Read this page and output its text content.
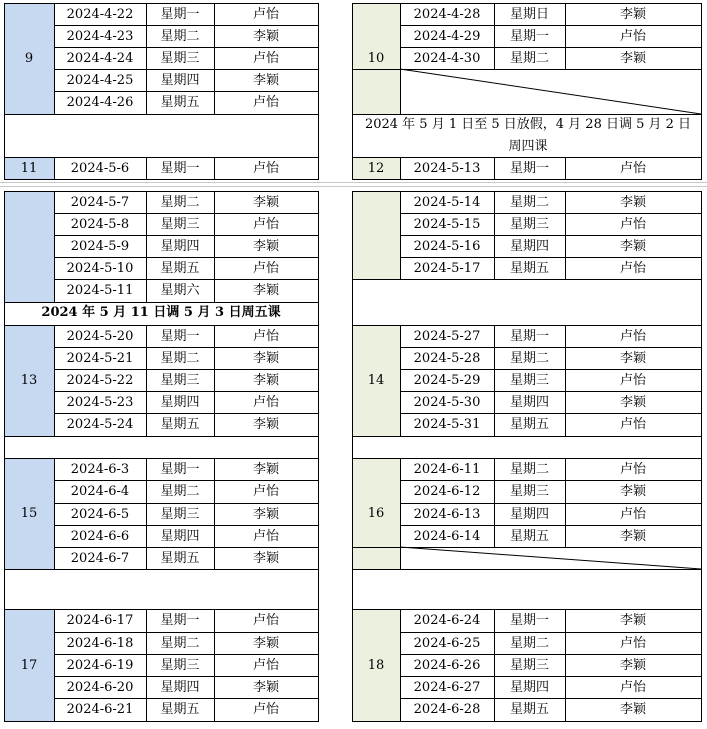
9
2024-4-22	星期一	卢怡
2024-4-23	星期二	李颖
2024-4-24	星期三	卢怡
2024-4-25	星期四	李颖
2024-4-26	星期五	卢怡
11	2024-5-6	星期一	卢怡
2024-5-7	星期二	李颖
2024-5-8	星期三	卢怡
2024-5-9	星期四	李颖
2024-5-10	星期五	卢怡
2024-5-11	星期六	李颖
13
2024-5-20	星期一	卢怡
2024-5-21	星期二	李颖
2024-5-22	星期三	李颖
2024-5-23	星期四	卢怡
2024-5-24	星期五	李颖
15
2024-6-3	星期一	李颖
2024-6-4	星期二	卢怡
2024-6-5	星期三	李颖
2024-6-6	星期四	卢怡
2024-6-7	星期五	李颖
17
2024-6-17	星期一	卢怡
2024-6-18	星期二	李颖
2024-6-19	星期三	卢怡
2024-6-20	星期四	李颖
2024-6-21	星期五	卢怡
10
2024-4-28	星期日	李颖
2024-4-29	星期一	卢怡
2024-4-30	星期二	李颖
12	2024-5-13	星期一	卢怡
2024-5-14	星期二	李颖
2024-5-15	星期三	卢怡
2024-5-16	星期四	李颖
2024-5-17	星期五	卢怡
14
2024-5-27	星期一	卢怡
2024-5-28	星期二	李颖
2024-5-29	星期三	卢怡
2024-5-30	星期四	李颖
2024-5-31	星期五	卢怡
16
2024-6-11	星期二	卢怡
2024-6-12	星期三	李颖
2024-6-13	星期四	卢怡
2024-6-14	星期五	李颖
18
2024-6-24	星期一	李颖
2024-6-25	星期二	卢怡
2024-6-26	星期三	李颖
2024-6-27	星期四	卢怡
2024-6-28	星期五	李颖
2024 年 5 月 1 日至 5 日放假，4 月 28 日调 5 月 2 日
周四课
2024 年 5 月 11 日调 5 月 3 日周五课
